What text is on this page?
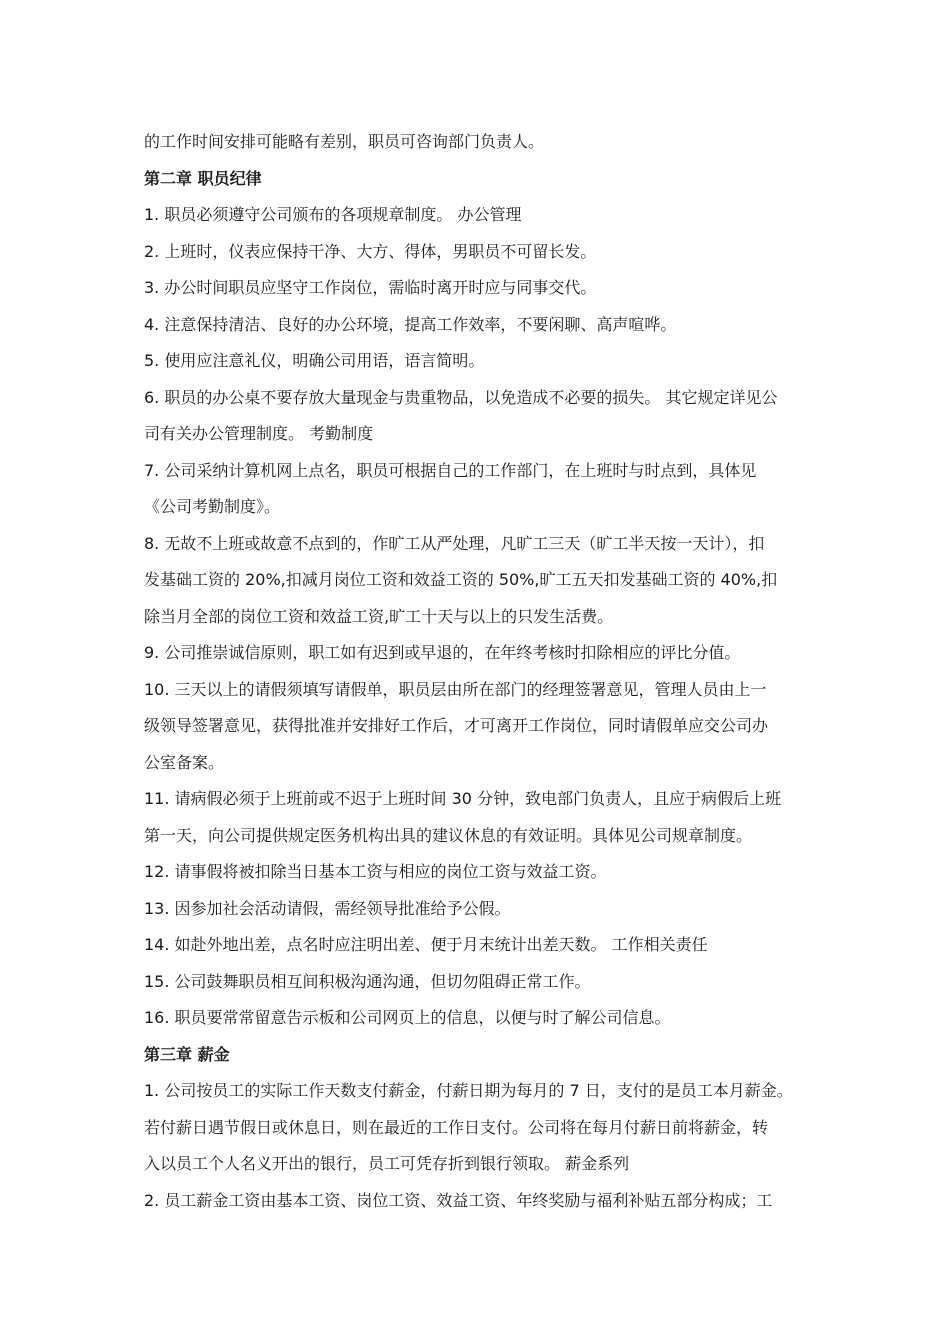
的工作时间安排可能略有差别，职员可咨询部门负责人。
第二章 职员纪律
1. 职员必须遵守公司颁布的各项规章制度。 办公管理
2. 上班时，仪表应保持干净、大方、得体，男职员不可留长发。
3. 办公时间职员应坚守工作岗位，需临时离开时应与同事交代。
4. 注意保持清洁、良好的办公环境，提高工作效率，不要闲聊、高声喧哗。
5. 使用应注意礼仪，明确公司用语，语言简明。
6. 职员的办公桌不要存放大量现金与贵重物品，以免造成不必要的损失。 其它规定详见公
司有关办公管理制度。 考勤制度
7. 公司采纳计算机网上点名，职员可根据自己的工作部门，在上班时与时点到，具体见
《公司考勤制度》。
8. 无故不上班或故意不点到的，作旷工从严处理，凡旷工三天（旷工半天按一天计），扣
发基础工资的 20%,扣减月岗位工资和效益工资的 50%,旷工五天扣发基础工资的 40%,扣
除当月全部的岗位工资和效益工资,旷工十天与以上的只发生活费。
9. 公司推崇诚信原则，职工如有迟到或早退的，在年终考核时扣除相应的评比分值。
10. 三天以上的请假须填写请假单，职员层由所在部门的经理签署意见，管理人员由上一
级领导签署意见，获得批准并安排好工作后，才可离开工作岗位，同时请假单应交公司办
公室备案。
11. 请病假必须于上班前或不迟于上班时间 30 分钟，致电部门负责人，且应于病假后上班
第一天，向公司提供规定医务机构出具的建议休息的有效证明。具体见公司规章制度。
12. 请事假将被扣除当日基本工资与相应的岗位工资与效益工资。
13. 因参加社会活动请假，需经领导批准给予公假。
14. 如赴外地出差，点名时应注明出差、便于月末统计出差天数。 工作相关责任
15. 公司鼓舞职员相互间积极沟通沟通，但切勿阻碍正常工作。
16. 职员要常常留意告示板和公司网页上的信息，以便与时了解公司信息。
第三章 薪金
1. 公司按员工的实际工作天数支付薪金，付薪日期为每月的 7 日，支付的是员工本月薪金。
若付薪日遇节假日或休息日，则在最近的工作日支付。公司将在每月付薪日前将薪金，转
入以员工个人名义开出的银行，员工可凭存折到银行领取。 薪金系列
2. 员工薪金工资由基本工资、岗位工资、效益工资、年终奖励与福利补贴五部分构成；工
